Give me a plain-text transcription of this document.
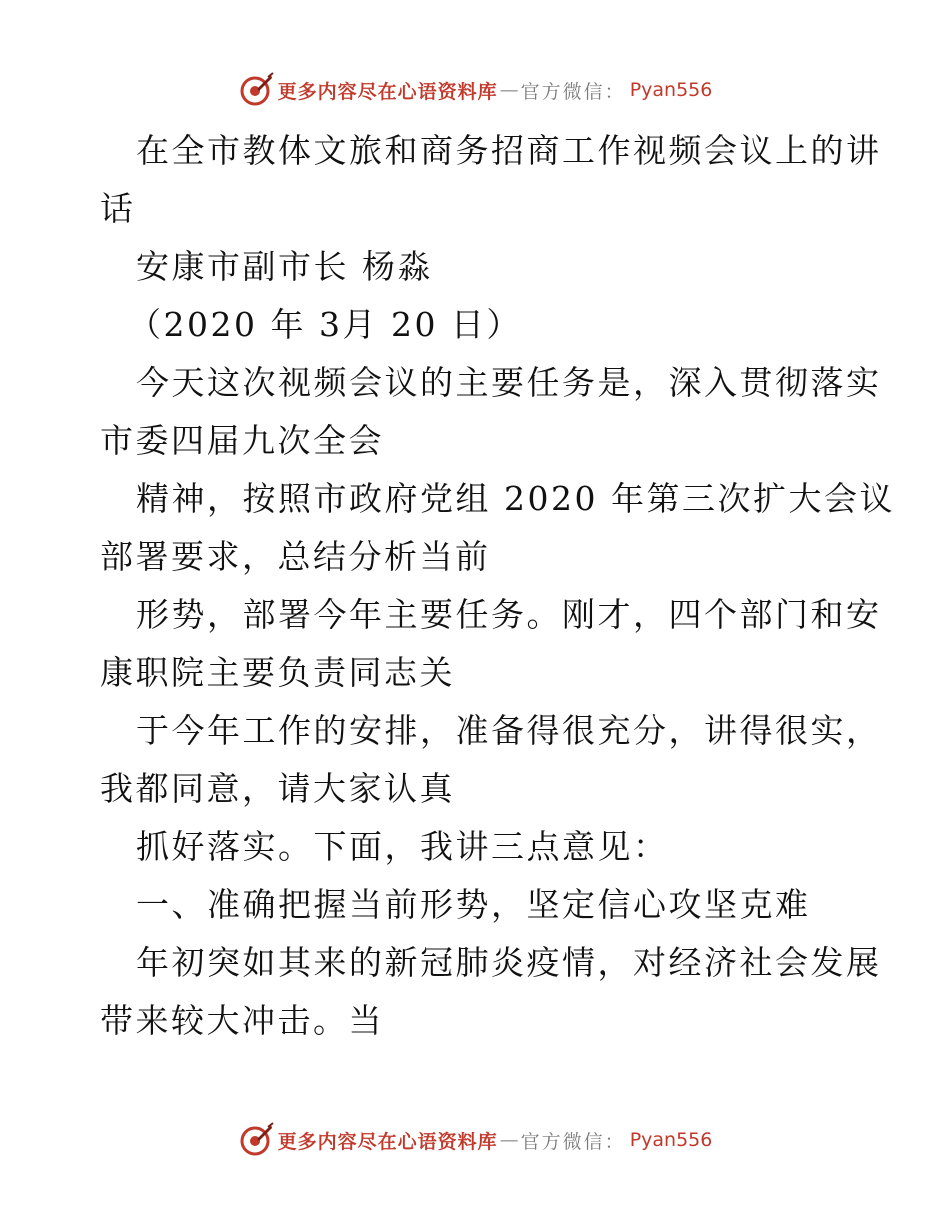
更多内容尽在心语资料库 — 官方微信： Pyan556
在全市教体文旅和商务招商工作视频会议上的讲
话
安康市副市长 杨淼
（2020 年 3月 20 日）
今天这次视频会议的主要任务是，深入贯彻落实
市委四届九次全会
精神，按照市政府党组 2020 年第三次扩大会议
部署要求，总结分析当前
形势，部署今年主要任务。刚才，四个部门和安
康职院主要负责同志关
于今年工作的安排，准备得很充分，讲得很实，
我都同意，请大家认真
抓好落实。下面，我讲三点意见：
一、准确把握当前形势，坚定信心攻坚克难
年初突如其来的新冠肺炎疫情，对经济社会发展
带来较大冲击。当
更多内容尽在心语资料库 — 官方微信： Pyan556
